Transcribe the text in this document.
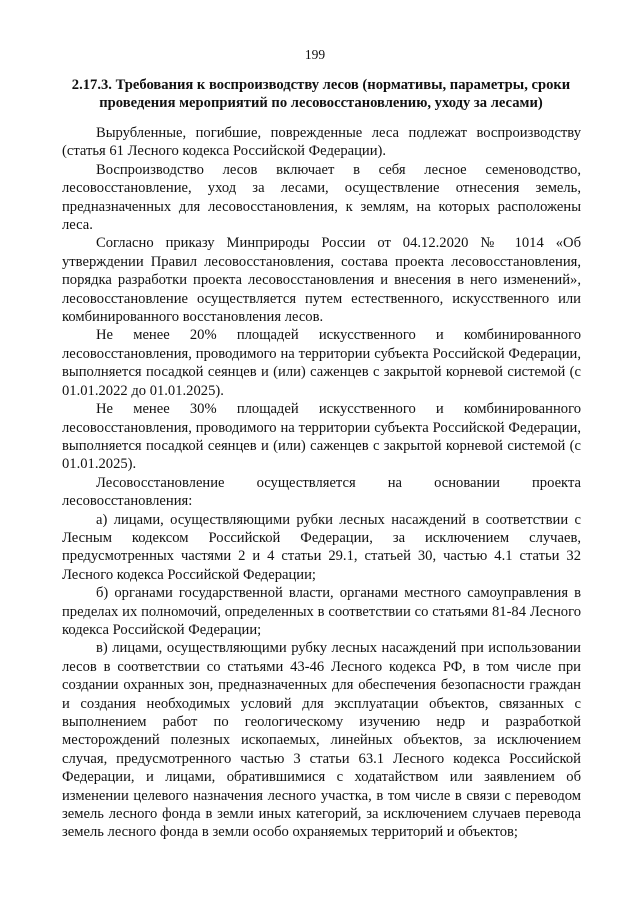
199
2.17.3. Требования к воспроизводству лесов (нормативы, параметры, сроки проведения мероприятий по лесовосстановлению, уходу за лесами)

Вырубленные, погибшие, поврежденные леса подлежат воспроизводству (статья 61 Лесного кодекса Российской Федерации).

Воспроизводство лесов включает в себя лесное семеноводство, лесовосстановление, уход за лесами, осуществление отнесения земель, предназначенных для лесовосстановления, к землям, на которых расположены леса.

Согласно приказу Минприроды России от 04.12.2020 № 1014 «Об утверждении Правил лесовосстановления, состава проекта лесовосстановления, порядка разработки проекта лесовосстановления и внесения в него изменений», лесовосстановление осуществляется путем естественного, искусственного или комбинированного восстановления лесов.

Не менее 20% площадей искусственного и комбинированного лесовосстановления, проводимого на территории субъекта Российской Федерации, выполняется посадкой сеянцев и (или) саженцев с закрытой корневой системой (с 01.01.2022 до 01.01.2025).

Не менее 30% площадей искусственного и комбинированного лесовосстановления, проводимого на территории субъекта Российской Федерации, выполняется посадкой сеянцев и (или) саженцев с закрытой корневой системой (с 01.01.2025).

Лесовосстановление осуществляется на основании проекта лесовосстановления:

а) лицами, осуществляющими рубки лесных насаждений в соответствии с Лесным кодексом Российской Федерации, за исключением случаев, предусмотренных частями 2 и 4 статьи 29.1, статьей 30, частью 4.1 статьи 32 Лесного кодекса Российской Федерации;

б) органами государственной власти, органами местного самоуправления в пределах их полномочий, определенных в соответствии со статьями 81-84 Лесного кодекса Российской Федерации;

в) лицами, осуществляющими рубку лесных насаждений при использовании лесов в соответствии со статьями 43-46 Лесного кодекса РФ, в том числе при создании охранных зон, предназначенных для обеспечения безопасности граждан и создания необходимых условий для эксплуатации объектов, связанных с выполнением работ по геологическому изучению недр и разработкой месторождений полезных ископаемых, линейных объектов, за исключением случая, предусмотренного частью 3 статьи 63.1 Лесного кодекса Российской Федерации, и лицами, обратившимися с ходатайством или заявлением об изменении целевого назначения лесного участка, в том числе в связи с переводом земель лесного фонда в земли иных категорий, за исключением случаев перевода земель лесного фонда в земли особо охраняемых территорий и объектов;
